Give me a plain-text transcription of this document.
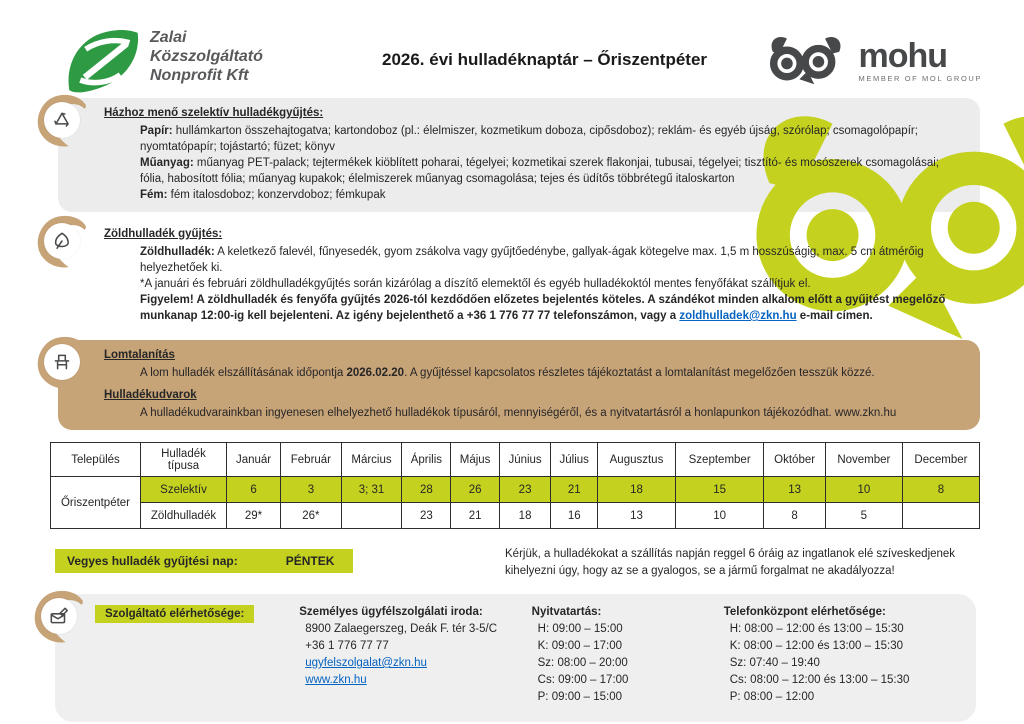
Zalai
Közszolgáltató
Nonprofit Kft
2026. évi hulladéknaptár – Őriszentpéter	mohu
MEMBER OF MOL GROUP
Házhoz menő szelektív hulladékgyűjtés:
Papír: hullámkarton összehajtogatva; kartondoboz (pl.: élelmiszer, kozmetikum doboza, cipősdoboz); reklám- és egyéb újság, szórólap; csomagolópapír; nyomtatópapír; tojástartó; füzet; könyv
Műanyag: műanyag PET-palack; tejtermékek kiöblített poharai, tégelyei; kozmetikai szerek flakonjai, tubusai, tégelyei; tisztító- és mosószerek csomagolásai; fólia, habosított fólia; műanyag kupakok; élelmiszerek műanyag csomagolása; tejes és üdítős többrétegű italoskarton
Fém: fém italosdoboz; konzervdoboz; fémkupak
Zöldhulladék gyűjtés:
Zöldhulladék: A keletkező falevél, fűnyesedék, gyom zsákolva vagy gyűjtőedénybe, gallyak-ágak kötegelve max. 1,5 m hosszúságig, max. 5 cm átmérőig helyezhetőek ki.
*A januári és februári zöldhulladékgyűjtés során kizárólag a díszítő elemektől és egyéb hulladékoktól mentes fenyőfákat szállítjuk el.
Figyelem! A zöldhulladék és fenyőfa gyűjtés 2026-tól kezdődően előzetes bejelentés köteles. A szándékot minden alkalom előtt a gyűjtést megelőző munkanap 12:00-ig kell bejelenteni. Az igény bejelenthető a +36 1 776 77 77 telefonszámon, vagy a zoldhulladek@zkn.hu e-mail címen.
Lomtalanítás
A lom hulladék elszállításának időpontja 2026.02.20. A gyűjtéssel kapcsolatos részletes tájékoztatást a lomtalanítást megelőzően tesszük közzé.
Hulladékudvarok
A hulladékudvarainkban ingyenesen elhelyezhető hulladékok típusáról, mennyiségéről, és a nyitvatartásról a honlapunkon tájékozódhat. www.zkn.hu
Település	Hulladék típusa	Január	Február	Március	Április	Május	Június	Július	Augusztus	Szeptember	Október	November	December
Őriszentpéter	Szelektív	6	3	3; 31	28	26	23	21	18	15	13	10	8
	Zöldhulladék	29*	26*		23	21	18	16	13	10	8	5	
Vegyes hulladék gyűjtési nap:	PÉNTEK	Kérjük, a hulladékokat a szállítás napján reggel 6 óráig az ingatlanok elé szíveskedjenek kihelyezni úgy, hogy az se a gyalogos, se a jármű forgalmat ne akadályozza!
Szolgáltató elérhetősége:	Személyes ügyfélszolgálati iroda:
8900 Zalaegerszeg, Deák F. tér 3-5/C
+36 1 776 77 77
ugyfelszolgalat@zkn.hu
www.zkn.hu
Nyitvatartás:
H: 09:00 – 15:00
K: 09:00 – 17:00
Sz: 08:00 – 20:00
Cs: 09:00 – 17:00
P: 09:00 – 15:00
Telefonközpont elérhetősége:
H: 08:00 – 12:00 és 13:00 – 15:30
K: 08:00 – 12:00 és 13:00 – 15:30
Sz: 07:40 – 19:40
Cs: 08:00 – 12:00 és 13:00 – 15:30
P: 08:00 – 12:00
